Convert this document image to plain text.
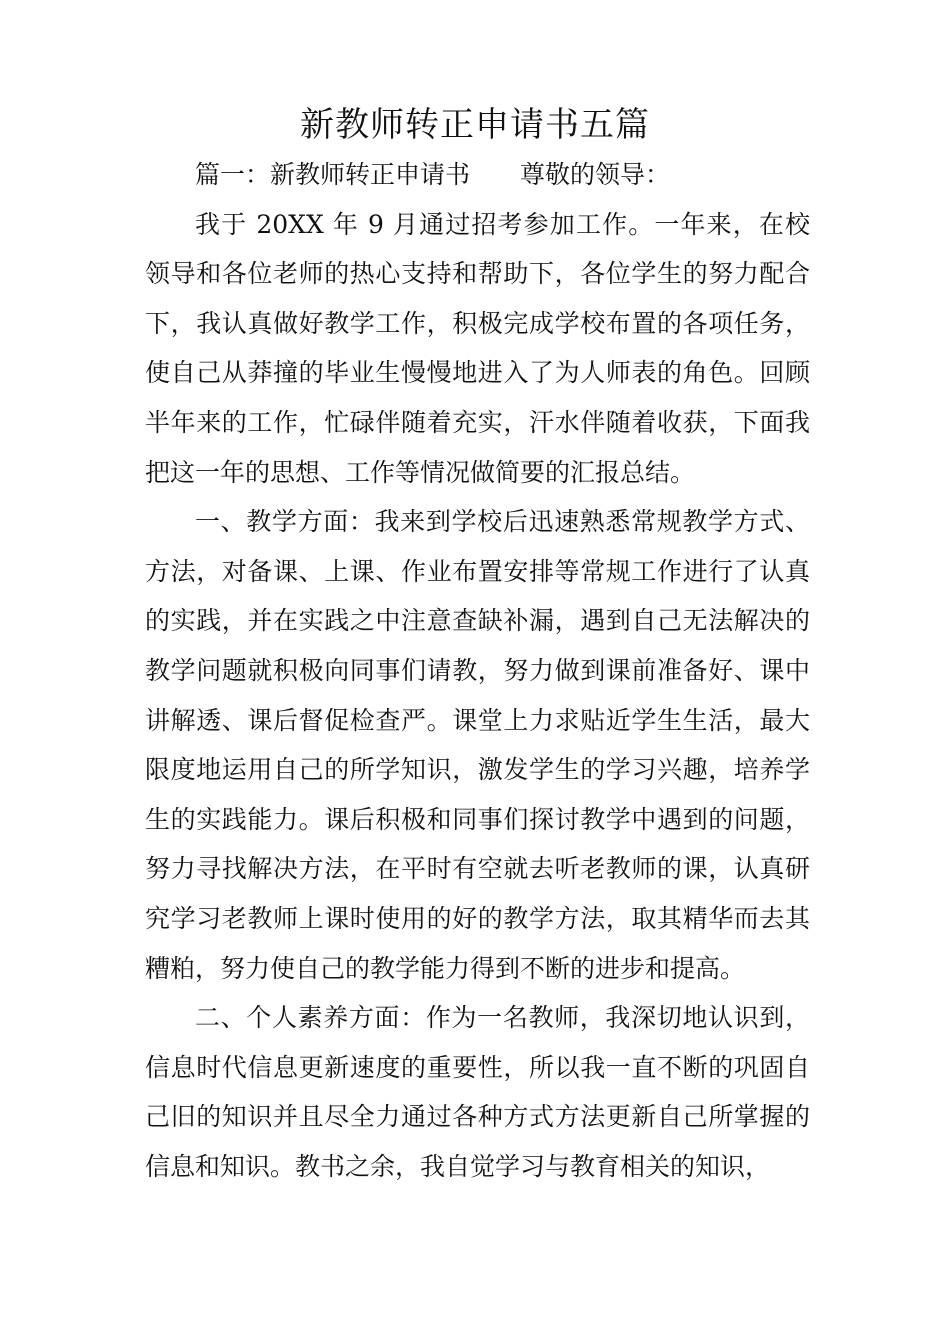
新教师转正申请书五篇

篇一：新教师转正申请书 尊敬的领导：

我于 20XX 年 9 月通过招考参加工作。一年来，在校领导和各位老师的热心支持和帮助下，各位学生的努力配合下，我认真做好教学工作，积极完成学校布置的各项任务，使自己从莽撞的毕业生慢慢地进入了为人师表的角色。回顾半年来的工作，忙碌伴随着充实，汗水伴随着收获，下面我把这一年的思想、工作等情况做简要的汇报总结。

一、教学方面：我来到学校后迅速熟悉常规教学方式、方法，对备课、上课、作业布置安排等常规工作进行了认真的实践，并在实践之中注意查缺补漏，遇到自己无法解决的教学问题就积极向同事们请教，努力做到课前准备好、课中讲解透、课后督促检查严。课堂上力求贴近学生生活，最大限度地运用自己的所学知识，激发学生的学习兴趣，培养学生的实践能力。课后积极和同事们探讨教学中遇到的问题，努力寻找解决方法，在平时有空就去听老教师的课，认真研究学习老教师上课时使用的好的教学方法，取其精华而去其糟粕，努力使自己的教学能力得到不断的进步和提高。

二、个人素养方面：作为一名教师，我深切地认识到，信息时代信息更新速度的重要性，所以我一直不断的巩固自己旧的知识并且尽全力通过各种方式方法更新自己所掌握的信息和知识。教书之余，我自觉学习与教育相关的知识，
